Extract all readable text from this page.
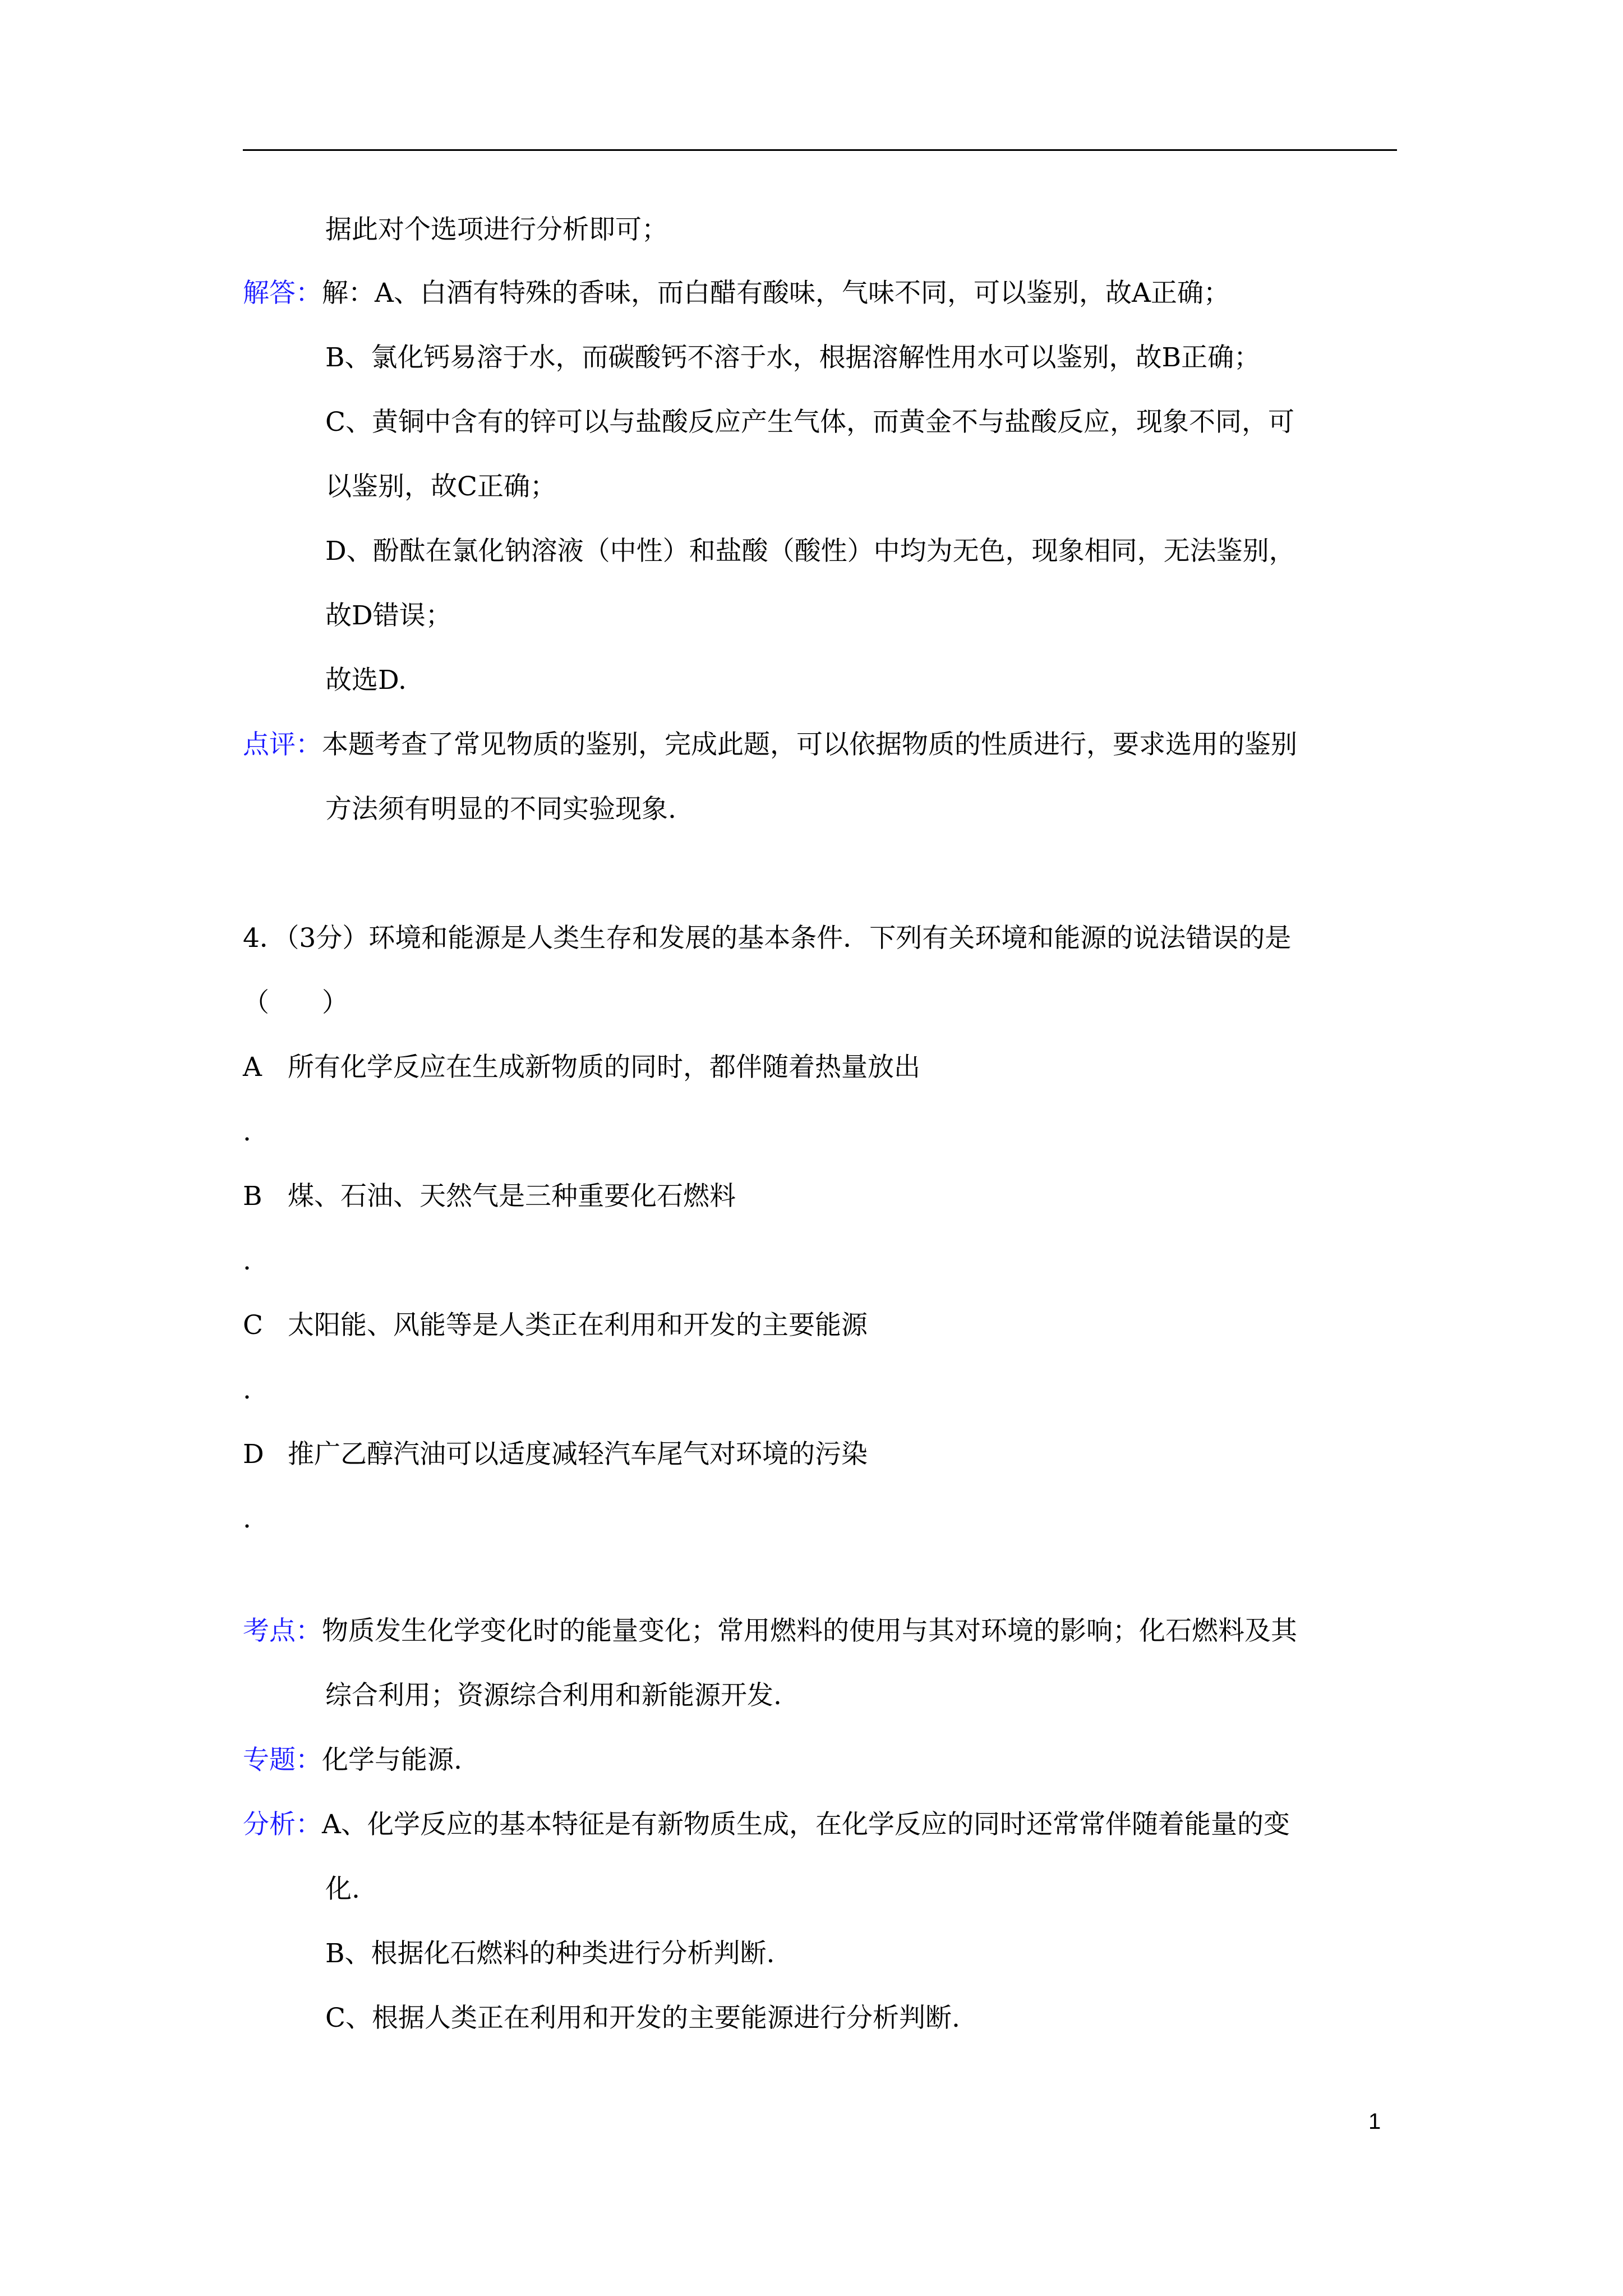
据此对个选项进行分析即可；
解答：解：A、白酒有特殊的香味，而白醋有酸味，气味不同，可以鉴别，故A正确；
B、氯化钙易溶于水，而碳酸钙不溶于水，根据溶解性用水可以鉴别，故B正确；
C、黄铜中含有的锌可以与盐酸反应产生气体，而黄金不与盐酸反应，现象不同，可
以鉴别，故C正确；
D、酚酞在氯化钠溶液（中性）和盐酸（酸性）中均为无色，现象相同，无法鉴别，
故D错误；
故选D.
点评：本题考查了常见物质的鉴别，完成此题，可以依据物质的性质进行，要求选用的鉴别
方法须有明显的不同实验现象.
4．（3分）环境和能源是人类生存和发展的基本条件．下列有关环境和能源的说法错误的是
（　　）
A 所有化学反应在生成新物质的同时，都伴随着热量放出
.
B 煤、石油、天然气是三种重要化石燃料
.
C 太阳能、风能等是人类正在利用和开发的主要能源
.
D 推广乙醇汽油可以适度减轻汽车尾气对环境的污染
.
考点：物质发生化学变化时的能量变化；常用燃料的使用与其对环境的影响；化石燃料及其
综合利用；资源综合利用和新能源开发.
专题：化学与能源.
分析：A、化学反应的基本特征是有新物质生成，在化学反应的同时还常常伴随着能量的变
化.
B、根据化石燃料的种类进行分析判断.
C、根据人类正在利用和开发的主要能源进行分析判断.
1
